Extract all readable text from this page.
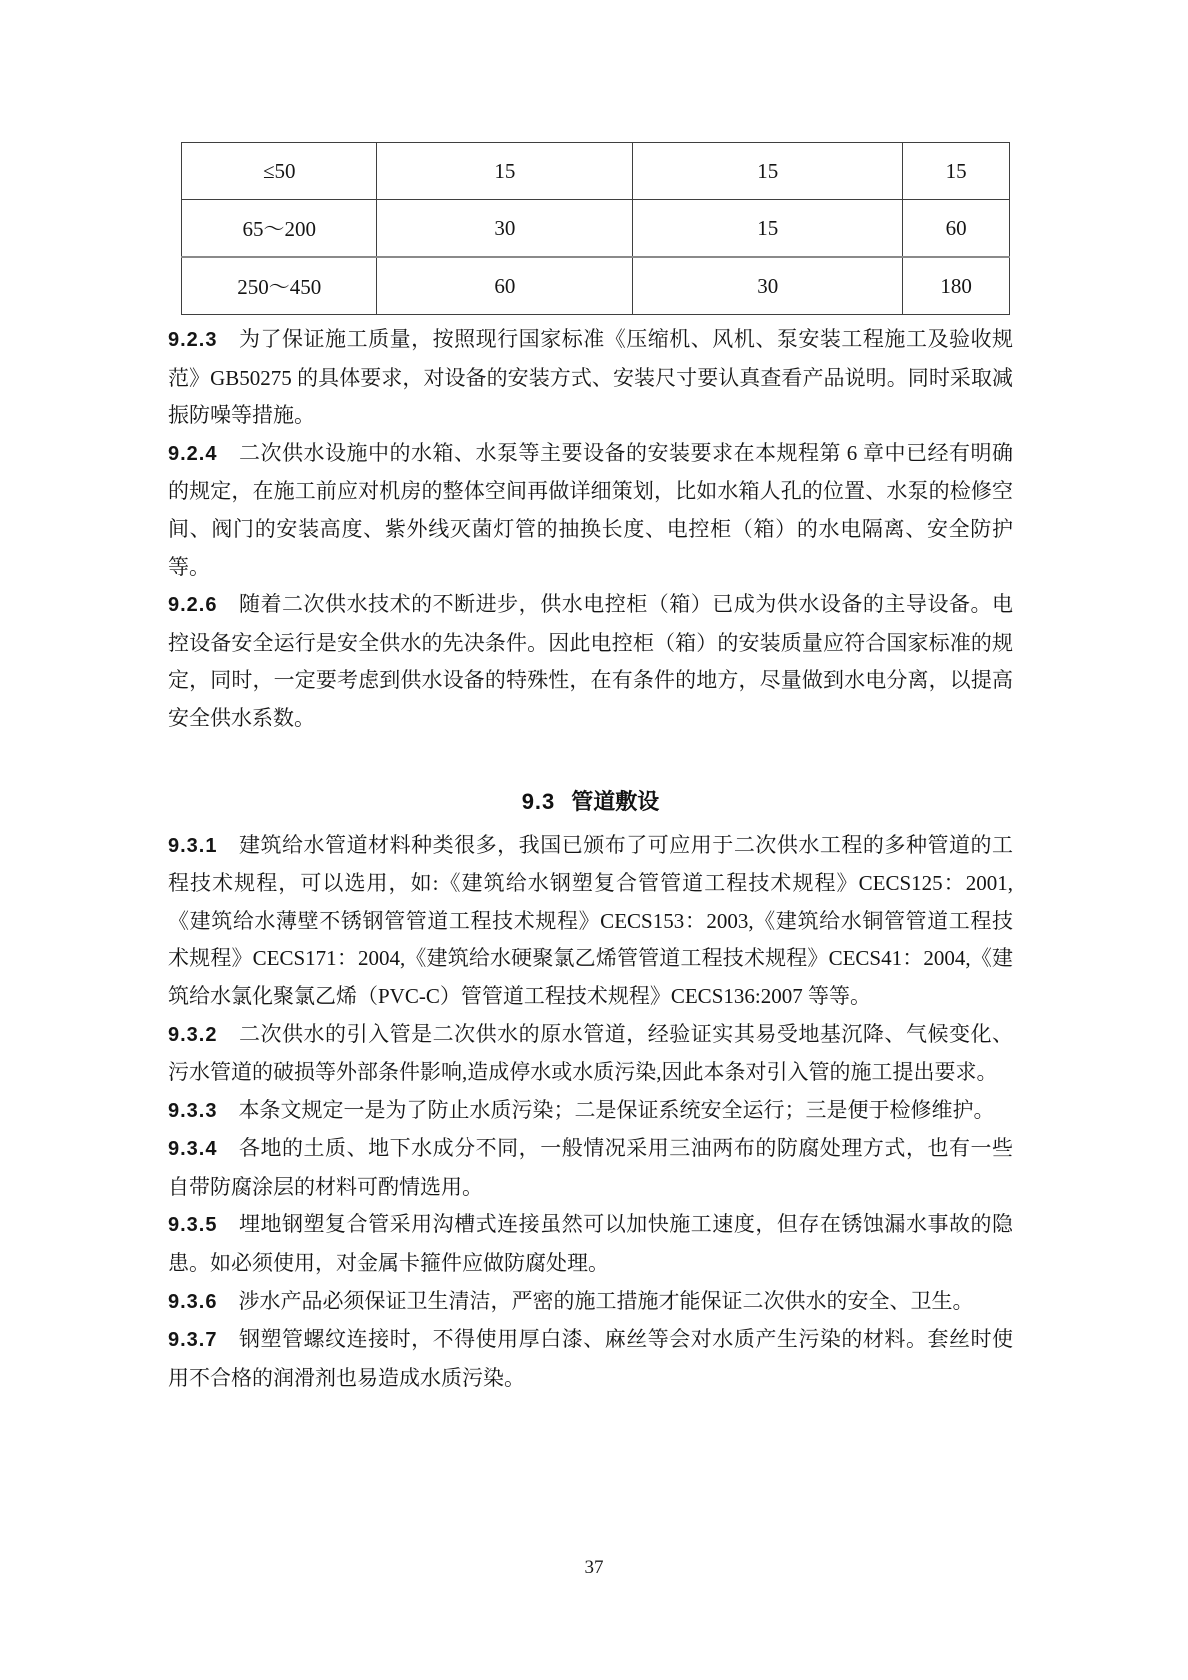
≤50	15	15	15
65～200	30	15	60
250～450	60	30	180

9.2.3 为了保证施工质量，按照现行国家标准《压缩机、风机、泵安装工程施工及验收规范》GB50275 的具体要求，对设备的安装方式、安装尺寸要认真查看产品说明。同时采取减振防噪等措施。

9.2.4 二次供水设施中的水箱、水泵等主要设备的安装要求在本规程第 6 章中已经有明确的规定，在施工前应对机房的整体空间再做详细策划，比如水箱人孔的位置、水泵的检修空间、阀门的安装高度、紫外线灭菌灯管的抽换长度、电控柜（箱）的水电隔离、安全防护等。

9.2.6 随着二次供水技术的不断进步，供水电控柜（箱）已成为供水设备的主导设备。电控设备安全运行是安全供水的先决条件。因此电控柜（箱）的安装质量应符合国家标准的规定，同时，一定要考虑到供水设备的特殊性，在有条件的地方，尽量做到水电分离，以提高安全供水系数。

9.3 管道敷设

9.3.1 建筑给水管道材料种类很多，我国已颁布了可应用于二次供水工程的多种管道的工程技术规程，可以选用，如:《建筑给水钢塑复合管管道工程技术规程》CECS125：2001,《建筑给水薄壁不锈钢管管道工程技术规程》CECS153：2003,《建筑给水铜管管道工程技术规程》CECS171：2004,《建筑给水硬聚氯乙烯管管道工程技术规程》CECS41：2004,《建筑给水氯化聚氯乙烯（PVC-C）管管道工程技术规程》CECS136:2007 等等。

9.3.2 二次供水的引入管是二次供水的原水管道，经验证实其易受地基沉降、气候变化、污水管道的破损等外部条件影响,造成停水或水质污染,因此本条对引入管的施工提出要求。

9.3.3 本条文规定一是为了防止水质污染；二是保证系统安全运行；三是便于检修维护。

9.3.4 各地的土质、地下水成分不同，一般情况采用三油两布的防腐处理方式，也有一些自带防腐涂层的材料可酌情选用。

9.3.5 埋地钢塑复合管采用沟槽式连接虽然可以加快施工速度，但存在锈蚀漏水事故的隐患。如必须使用，对金属卡箍件应做防腐处理。

9.3.6 涉水产品必须保证卫生清洁，严密的施工措施才能保证二次供水的安全、卫生。

9.3.7 钢塑管螺纹连接时，不得使用厚白漆、麻丝等会对水质产生污染的材料。套丝时使用不合格的润滑剂也易造成水质污染。

37
